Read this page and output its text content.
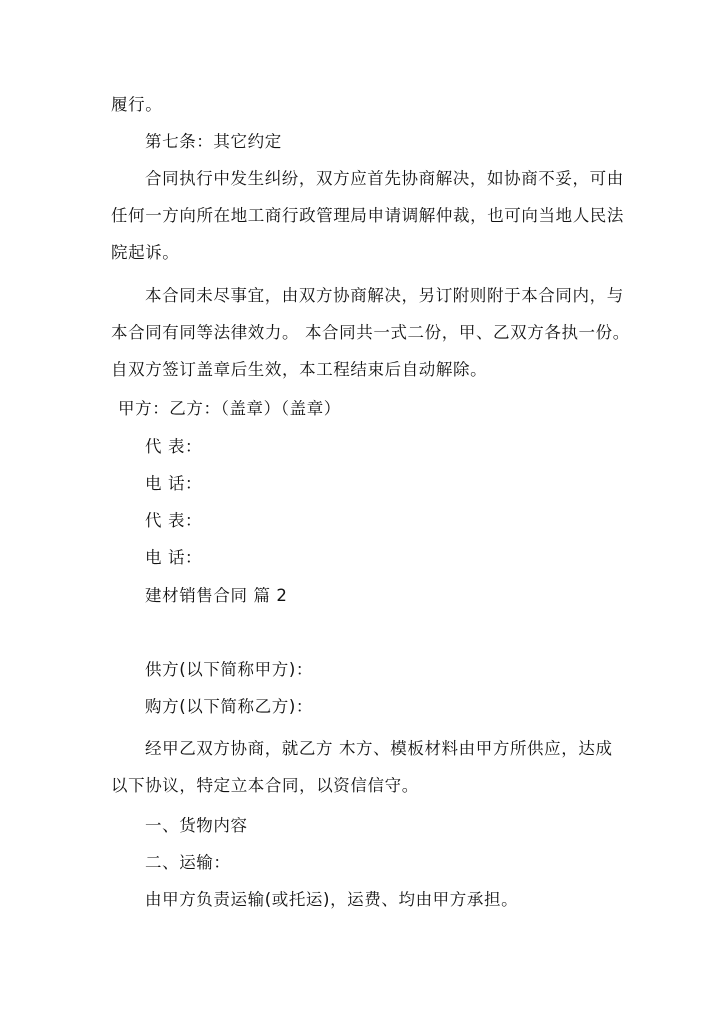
履行。
第七条：其它约定
合同执行中发生纠纷，双方应首先协商解决，如协商不妥，可由
任何一方向所在地工商行政管理局申请调解仲裁，也可向当地人民法
院起诉。
本合同未尽事宜，由双方协商解决，另订附则附于本合同内，与
本合同有同等法律效力。 本合同共一式二份，甲、乙双方各执一份。
自双方签订盖章后生效，本工程结束后自动解除。
甲方：乙方：（盖章）（盖章）
代 表：
电 话：
代 表：
电 话：
建材销售合同 篇 2
供方(以下简称甲方)：
购方(以下简称乙方)：
经甲乙双方协商，就乙方 木方、模板材料由甲方所供应，达成
以下协议，特定立本合同，以资信信守。
一、货物内容
二、运输：
由甲方负责运输(或托运)，运费、均由甲方承担。
